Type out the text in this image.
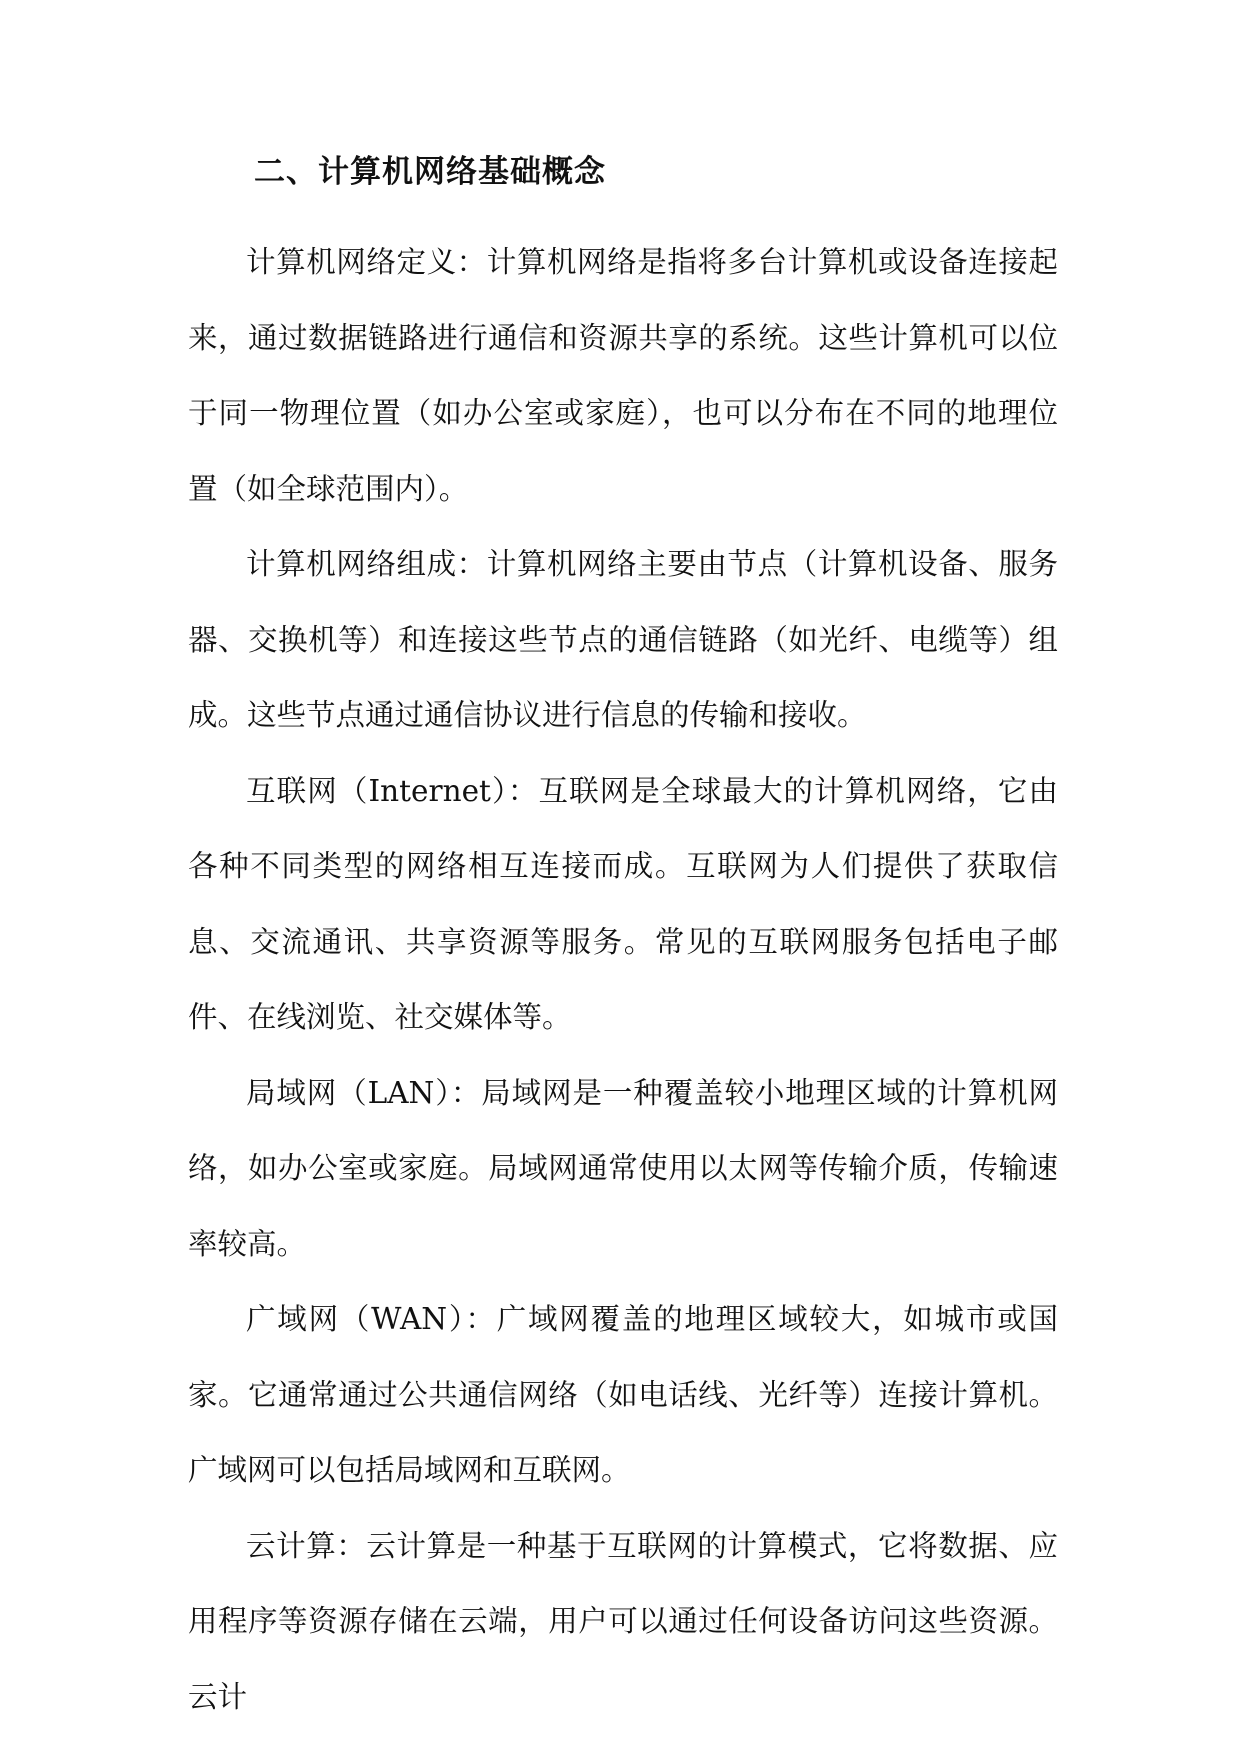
二、计算机网络基础概念

计算机网络定义：计算机网络是指将多台计算机或设备连接起来，通过数据链路进行通信和资源共享的系统。这些计算机可以位于同一物理位置（如办公室或家庭），也可以分布在不同的地理位置（如全球范围内）。

计算机网络组成：计算机网络主要由节点（计算机设备、服务器、交换机等）和连接这些节点的通信链路（如光纤、电缆等）组成。这些节点通过通信协议进行信息的传输和接收。

互联网（Internet）：互联网是全球最大的计算机网络，它由各种不同类型的网络相互连接而成。互联网为人们提供了获取信息、交流通讯、共享资源等服务。常见的互联网服务包括电子邮件、在线浏览、社交媒体等。

局域网（LAN）：局域网是一种覆盖较小地理区域的计算机网络，如办公室或家庭。局域网通常使用以太网等传输介质，传输速率较高。

广域网（WAN）：广域网覆盖的地理区域较大，如城市或国家。它通常通过公共通信网络（如电话线、光纤等）连接计算机。广域网可以包括局域网和互联网。

云计算：云计算是一种基于互联网的计算模式，它将数据、应用程序等资源存储在云端，用户可以通过任何设备访问这些资源。云计
